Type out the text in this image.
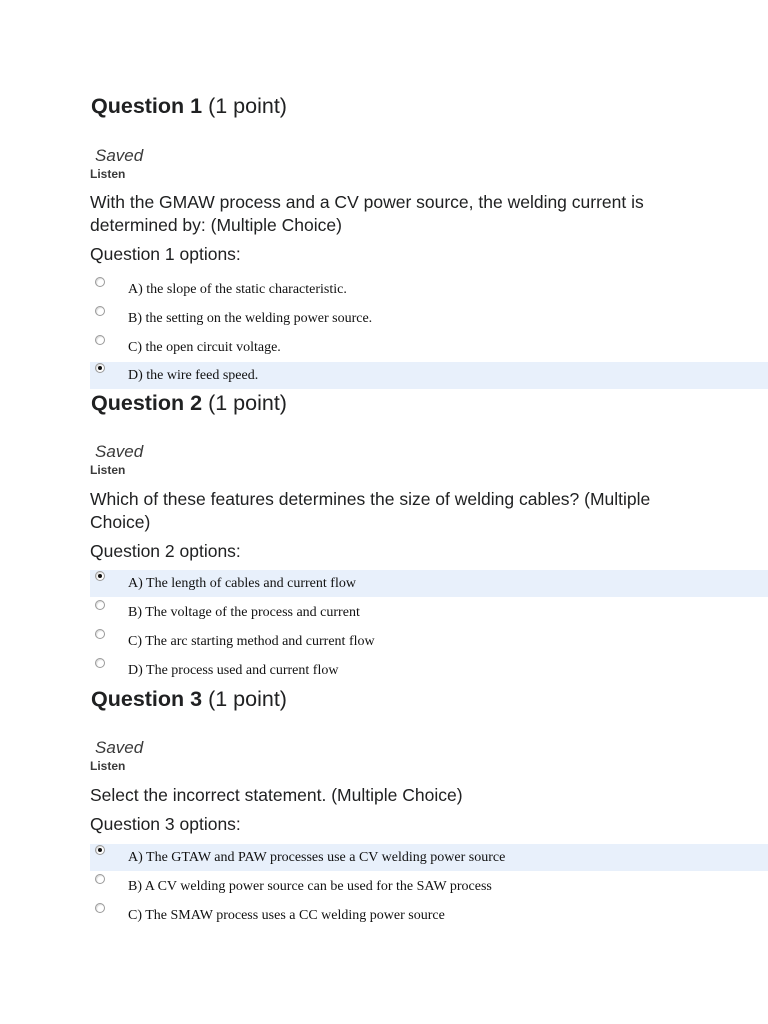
Question 1 (1 point)
Saved
Listen

With the GMAW process and a CV power source, the welding current is determined by: (Multiple Choice)

Question 1 options:

A) the slope of the static characteristic.
B) the setting on the welding power source.
C) the open circuit voltage.
D) the wire feed speed.
Question 2 (1 point)
Saved
Listen

Which of these features determines the size of welding cables? (Multiple Choice)

Question 2 options:

A) The length of cables and current flow
B) The voltage of the process and current
C) The arc starting method and current flow
D) The process used and current flow
Question 3 (1 point)
Saved
Listen

Select the incorrect statement. (Multiple Choice)

Question 3 options:

A) The GTAW and PAW processes use a CV welding power source
B) A CV welding power source can be used for the SAW process
C) The SMAW process uses a CC welding power source
